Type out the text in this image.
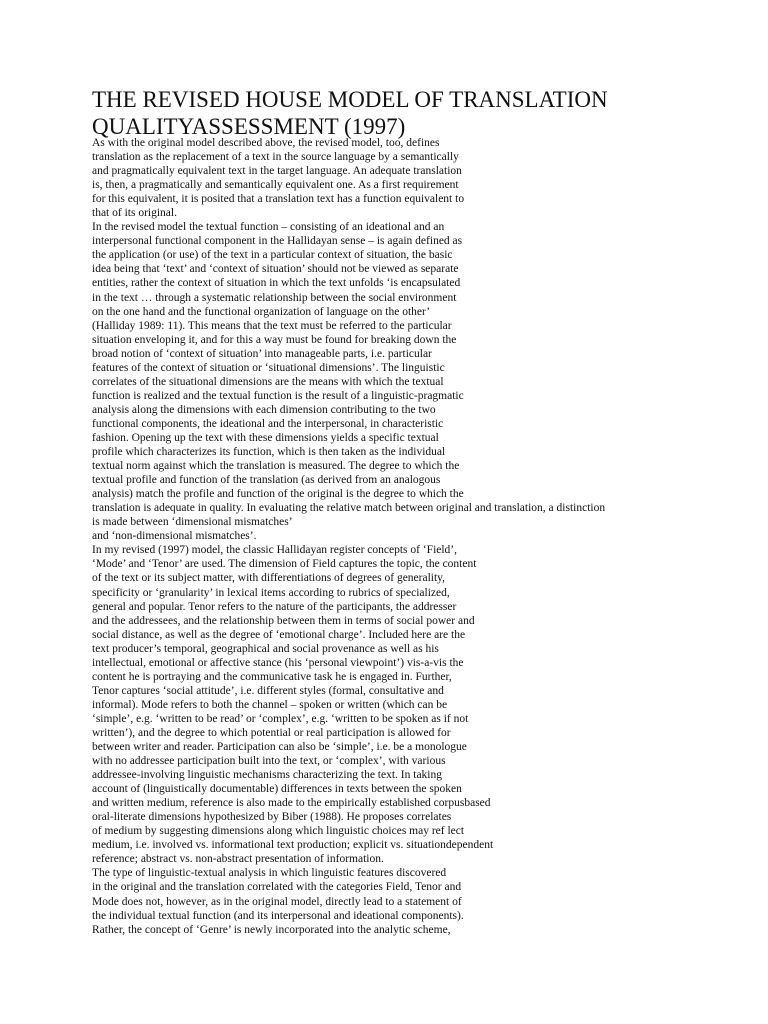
THE REVISED HOUSE MODEL OF TRANSLATION
QUALITYASSESSMENT (1997)
As with the original model described above, the revised model, too, defines
translation as the replacement of a text in the source language by a semantically
and pragmatically equivalent text in the target language. An adequate translation
is, then, a pragmatically and semantically equivalent one. As a first requirement
for this equivalent, it is posited that a translation text has a function equivalent to
that of its original.
In the revised model the textual function – consisting of an ideational and an
interpersonal functional component in the Hallidayan sense – is again defined as
the application (or use) of the text in a particular context of situation, the basic
idea being that ‘text’ and ‘context of situation’ should not be viewed as separate
entities, rather the context of situation in which the text unfolds ‘is encapsulated
in the text … through a systematic relationship between the social environment
on the one hand and the functional organization of language on the other’
(Halliday 1989: 11). This means that the text must be referred to the particular
situation enveloping it, and for this a way must be found for breaking down the
broad notion of ‘context of situation’ into manageable parts, i.e. particular
features of the context of situation or ‘situational dimensions’. The linguistic
correlates of the situational dimensions are the means with which the textual
function is realized and the textual function is the result of a linguistic-pragmatic
analysis along the dimensions with each dimension contributing to the two
functional components, the ideational and the interpersonal, in characteristic
fashion. Opening up the text with these dimensions yields a specific textual
profile which characterizes its function, which is then taken as the individual
textual norm against which the translation is measured. The degree to which the
textual profile and function of the translation (as derived from an analogous
analysis) match the profile and function of the original is the degree to which the
translation is adequate in quality. In evaluating the relative match between original and translation, a distinction
is made between ‘dimensional mismatches’
and ‘non-dimensional mismatches’.
In my revised (1997) model, the classic Hallidayan register concepts of ‘Field’,
‘Mode’ and ‘Tenor’ are used. The dimension of Field captures the topic, the content
of the text or its subject matter, with differentiations of degrees of generality,
specificity or ‘granularity’ in lexical items according to rubrics of specialized,
general and popular. Tenor refers to the nature of the participants, the addresser
and the addressees, and the relationship between them in terms of social power and
social distance, as well as the degree of ‘emotional charge’. Included here are the
text producer’s temporal, geographical and social provenance as well as his
intellectual, emotional or affective stance (his ‘personal viewpoint’) vis-a-vis the
content he is portraying and the communicative task he is engaged in. Further,
Tenor captures ‘social attitude’, i.e. different styles (formal, consultative and
informal). Mode refers to both the channel – spoken or written (which can be
‘simple’, e.g. ‘written to be read’ or ‘complex’, e.g. ‘written to be spoken as if not
written’), and the degree to which potential or real participation is allowed for
between writer and reader. Participation can also be ‘simple’, i.e. be a monologue
with no addressee participation built into the text, or ‘complex’, with various
addressee-involving linguistic mechanisms characterizing the text. In taking
account of (linguistically documentable) differences in texts between the spoken
and written medium, reference is also made to the empirically established corpusbased
oral-literate dimensions hypothesized by Biber (1988). He proposes correlates
of medium by suggesting dimensions along which linguistic choices may ref lect
medium, i.e. involved vs. informational text production; explicit vs. situationdependent
reference; abstract vs. non-abstract presentation of information.
The type of linguistic-textual analysis in which linguistic features discovered
in the original and the translation correlated with the categories Field, Tenor and
Mode does not, however, as in the original model, directly lead to a statement of
the individual textual function (and its interpersonal and ideational components).
Rather, the concept of ‘Genre’ is newly incorporated into the analytic scheme,
